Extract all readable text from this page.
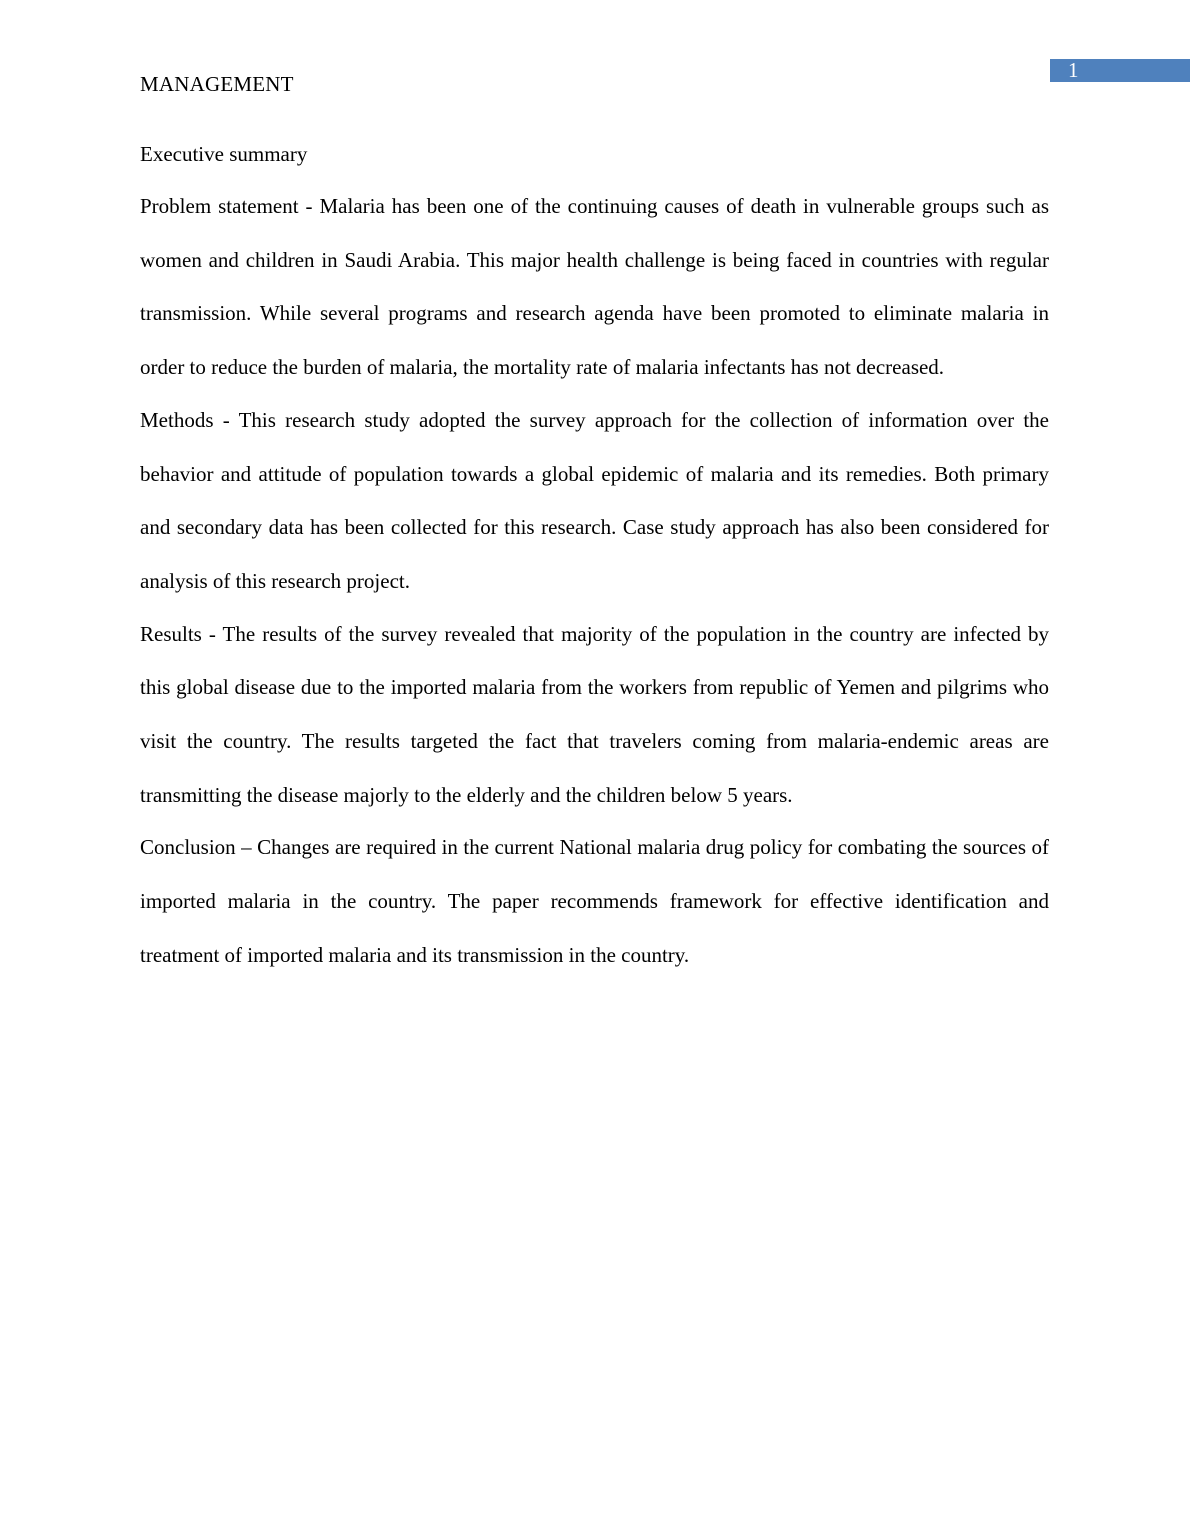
1
MANAGEMENT

Executive summary

Problem statement - Malaria has been one of the continuing causes of death in vulnerable groups such as women and children in Saudi Arabia. This major health challenge is being faced in countries with regular transmission. While several programs and research agenda have been promoted to eliminate malaria in order to reduce the burden of malaria, the mortality rate of malaria infectants has not decreased.

Methods - This research study adopted the survey approach for the collection of information over the behavior and attitude of population towards a global epidemic of malaria and its remedies. Both primary and secondary data has been collected for this research. Case study approach has also been considered for analysis of this research project.

Results - The results of the survey revealed that majority of the population in the country are infected by this global disease due to the imported malaria from the workers from republic of Yemen and pilgrims who visit the country. The results targeted the fact that travelers coming from malaria-endemic areas are transmitting the disease majorly to the elderly and the children below 5 years.

Conclusion – Changes are required in the current National malaria drug policy for combating the sources of imported malaria in the country. The paper recommends framework for effective identification and treatment of imported malaria and its transmission in the country.
